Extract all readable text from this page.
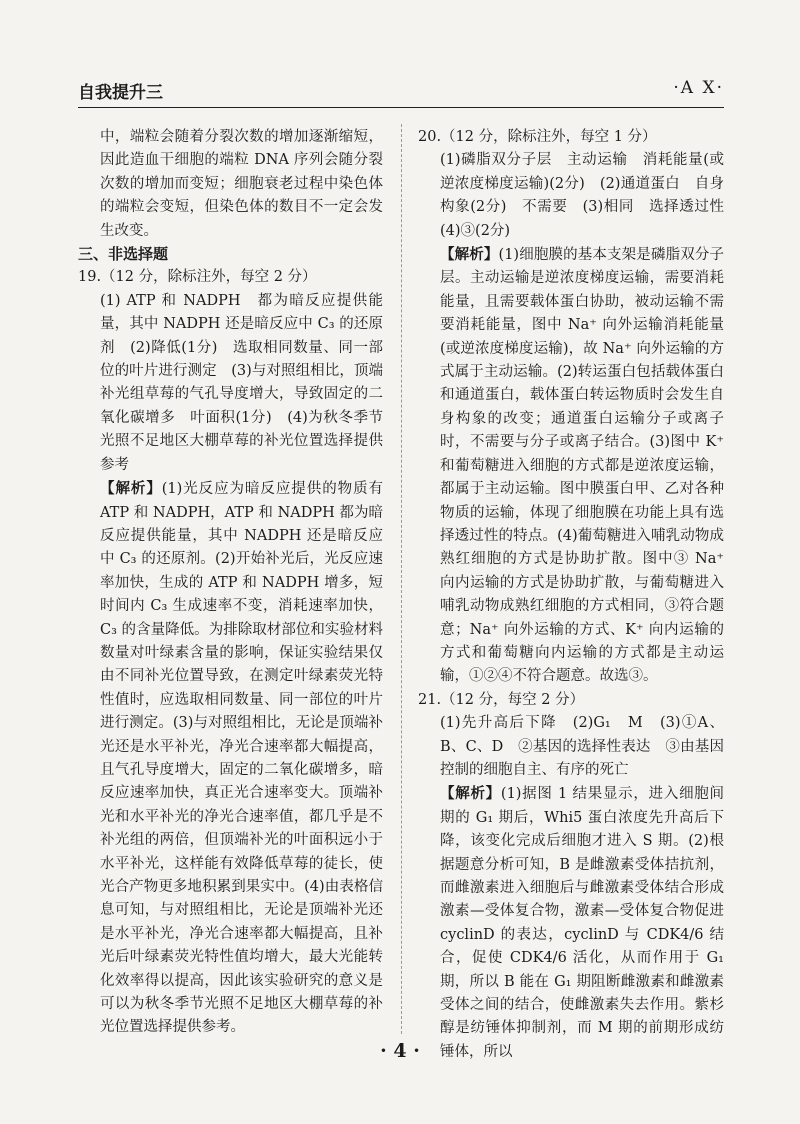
自我提升三	·A X·

中，端粒会随着分裂次数的增加逐渐缩短，因此造血干细胞的端粒 DNA 序列会随分裂次数的增加而变短；细胞衰老过程中染色体的端粒会变短，但染色体的数目不一定会发生改变。

三、非选择题

19.（12 分，除标注外，每空 2 分）

(1) ATP 和 NADPH　都为暗反应提供能量，其中 NADPH 还是暗反应中 C₃ 的还原剂　(2)降低(1分)　选取相同数量、同一部位的叶片进行测定　(3)与对照组相比，顶端补光组草莓的气孔导度增大，导致固定的二氧化碳增多　叶面积(1分)　(4)为秋冬季节光照不足地区大棚草莓的补光位置选择提供参考

【解析】(1)光反应为暗反应提供的物质有 ATP 和 NADPH，ATP 和 NADPH 都为暗反应提供能量，其中 NADPH 还是暗反应中 C₃ 的还原剂。(2)开始补光后，光反应速率加快，生成的 ATP 和 NADPH 增多，短时间内 C₃ 生成速率不变，消耗速率加快，C₃ 的含量降低。为排除取材部位和实验材料数量对叶绿素含量的影响，保证实验结果仅由不同补光位置导致，在测定叶绿素荧光特性值时，应选取相同数量、同一部位的叶片进行测定。(3)与对照组相比，无论是顶端补光还是水平补光，净光合速率都大幅提高，且气孔导度增大，固定的二氧化碳增多，暗反应速率加快，真正光合速率变大。顶端补光和水平补光的净光合速率值，都几乎是不补光组的两倍，但顶端补光的叶面积远小于水平补光，这样能有效降低草莓的徒长，使光合产物更多地积累到果实中。(4)由表格信息可知，与对照组相比，无论是顶端补光还是水平补光，净光合速率都大幅提高，且补光后叶绿素荧光特性值均增大，最大光能转化效率得以提高，因此该实验研究的意义是可以为秋冬季节光照不足地区大棚草莓的补光位置选择提供参考。

20.（12 分，除标注外，每空 1 分）

(1)磷脂双分子层　主动运输　消耗能量(或逆浓度梯度运输)(2分)　(2)通道蛋白　自身构象(2分)　不需要　(3)相同　选择透过性　(4)③(2分)

【解析】(1)细胞膜的基本支架是磷脂双分子层。主动运输是逆浓度梯度运输，需要消耗能量，且需要载体蛋白协助，被动运输不需要消耗能量，图中 Na⁺ 向外运输消耗能量(或逆浓度梯度运输)，故 Na⁺ 向外运输的方式属于主动运输。(2)转运蛋白包括载体蛋白和通道蛋白，载体蛋白转运物质时会发生自身构象的改变；通道蛋白运输分子或离子时，不需要与分子或离子结合。(3)图中 K⁺ 和葡萄糖进入细胞的方式都是逆浓度运输，都属于主动运输。图中膜蛋白甲、乙对各种物质的运输，体现了细胞膜在功能上具有选择透过性的特点。(4)葡萄糖进入哺乳动物成熟红细胞的方式是协助扩散。图中③ Na⁺ 向内运输的方式是协助扩散，与葡萄糖进入哺乳动物成熟红细胞的方式相同，③符合题意；Na⁺ 向外运输的方式、K⁺ 向内运输的方式和葡萄糖向内运输的方式都是主动运输，①②④不符合题意。故选③。

21.（12 分，每空 2 分）

(1)先升高后下降　(2)G₁　M　(3)①A、B、C、D　②基因的选择性表达　③由基因控制的细胞自主、有序的死亡

【解析】(1)据图 1 结果显示，进入细胞间期的 G₁ 期后，Whi5 蛋白浓度先升高后下降，该变化完成后细胞才进入 S 期。(2)根据题意分析可知，B 是雌激素受体拮抗剂，而雌激素进入细胞后与雌激素受体结合形成激素—受体复合物，激素—受体复合物促进 cyclinD 的表达，cyclinD 与 CDK4/6 结合，促使 CDK4/6 活化，从而作用于 G₁ 期，所以 B 能在 G₁ 期阻断雌激素和雌激素受体之间的结合，使雌激素失去作用。紫杉醇是纺锤体抑制剂，而 M 期的前期形成纺锤体，所以

· 4 ·
